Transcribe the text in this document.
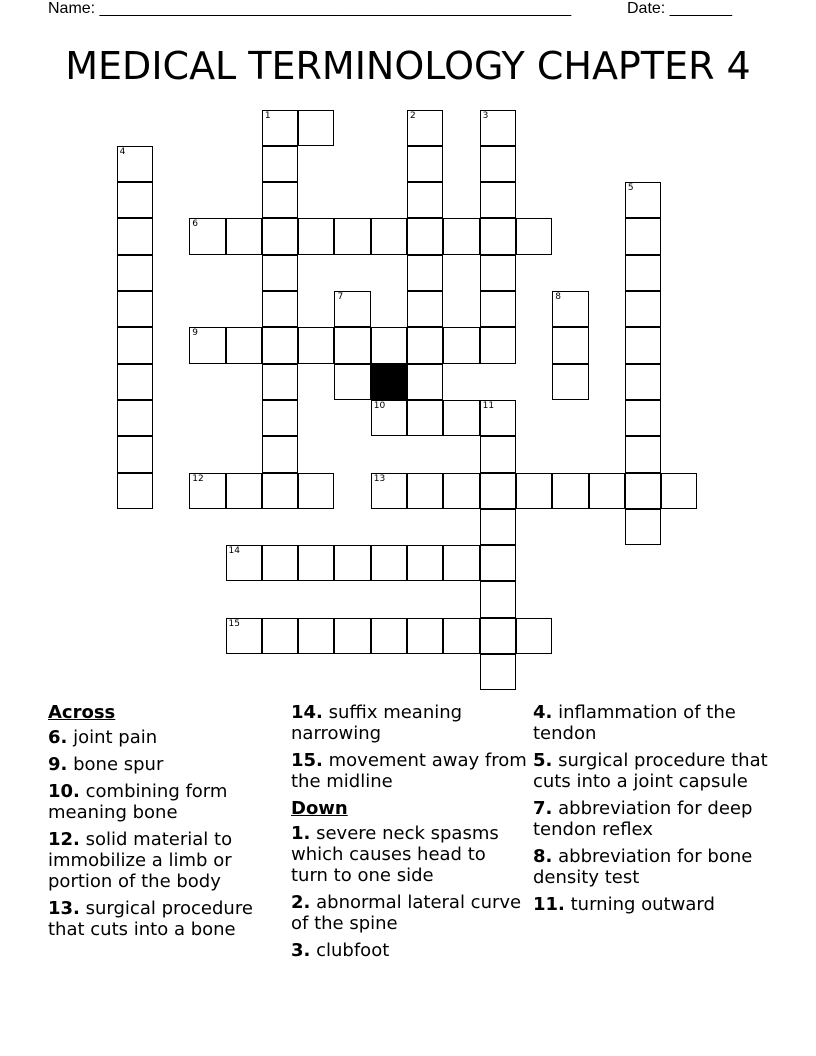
Name: _____________________________________________________	Date: _______
MEDICAL TERMINOLOGY CHAPTER 4
1	2	3
4
5
6
7	8
9
10	11
12	13
14
15
Across
6. joint pain
9. bone spur
10. combining form meaning bone
12. solid material to immobilize a limb or portion of the body
13. surgical procedure that cuts into a bone
14. suffix meaning narrowing
15. movement away from the midline
Down
1. severe neck spasms which causes head to turn to one side
2. abnormal lateral curve of the spine
3. clubfoot
4. inflammation of the tendon
5. surgical procedure that cuts into a joint capsule
7. abbreviation for deep tendon reflex
8. abbreviation for bone density test
11. turning outward
